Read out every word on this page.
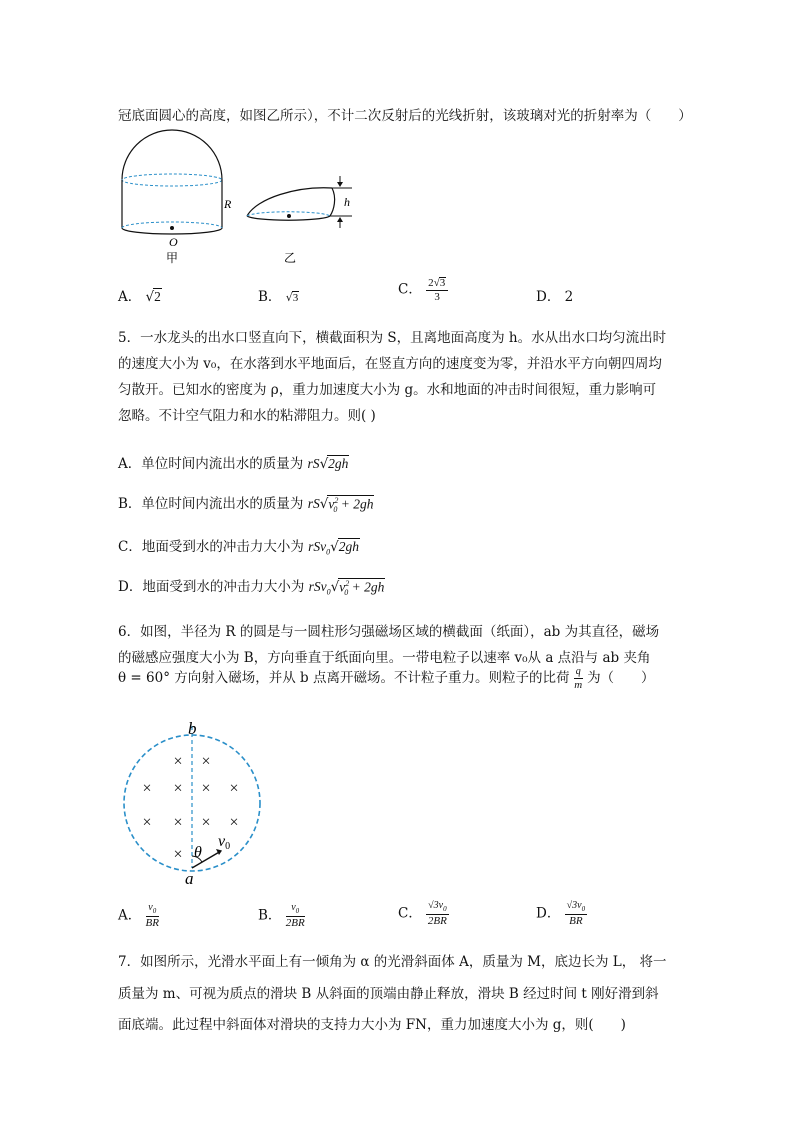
冠底面圆心的高度，如图乙所示），不计二次反射后的光线折射，该玻璃对光的折射率为（　　）
R
O
甲
h
乙
A． √2	B． √3
C． $\frac{2√3}{3}$	D． 2
5．一水龙头的出水口竖直向下，横截面积为 S，且离地面高度为 h。水从出水口均匀流出时
的速度大小为 v₀，在水落到水平地面后，在竖直方向的速度变为零，并沿水平方向朝四周均
匀散开。已知水的密度为 ρ，重力加速度大小为 g。水和地面的冲击时间很短，重力影响可
忽略。不计空气阻力和水的粘滞阻力。则( )
A．单位时间内流出水的质量为 rS√2gh
B．单位时间内流出水的质量为 $rS√v^2_0 + 2gh$
C．地面受到水的冲击力大小为 rSv$_0$√2gh
D．地面受到水的冲击力大小为 $rSv_0√v^2_0 + 2gh$
6．如图，半径为 R 的圆是与一圆柱形匀强磁场区域的横截面（纸面），ab 为其直径，磁场
的磁感应强度大小为 B，方向垂直于纸面向里。一带电粒子以速率 v₀从 a 点沿与 ab 夹角
θ = 60° 方向射入磁场，并从 b 点离开磁场。不计粒子重力。则粒子的比荷 $\frac{q}{m}$ 为（　　）
× ×
× × × ×
× × × ×
×
b
a
θ
v0
A． $\frac{v_0}{BR}$	B． $\frac{v_0}{2BR}$	C． $\frac{√3v_0}{2BR}$	D． $\frac{√3v_0}{BR}$
7．如图所示，光滑水平面上有一倾角为 α 的光滑斜面体 A，质量为 M，底边长为 L， 将一
质量为 m、可视为质点的滑块 B 从斜面的顶端由静止释放，滑块 B 经过时间 t 刚好滑到斜
面底端。此过程中斜面体对滑块的支持力大小为 FN，重力加速度大小为 g，则(　　)
